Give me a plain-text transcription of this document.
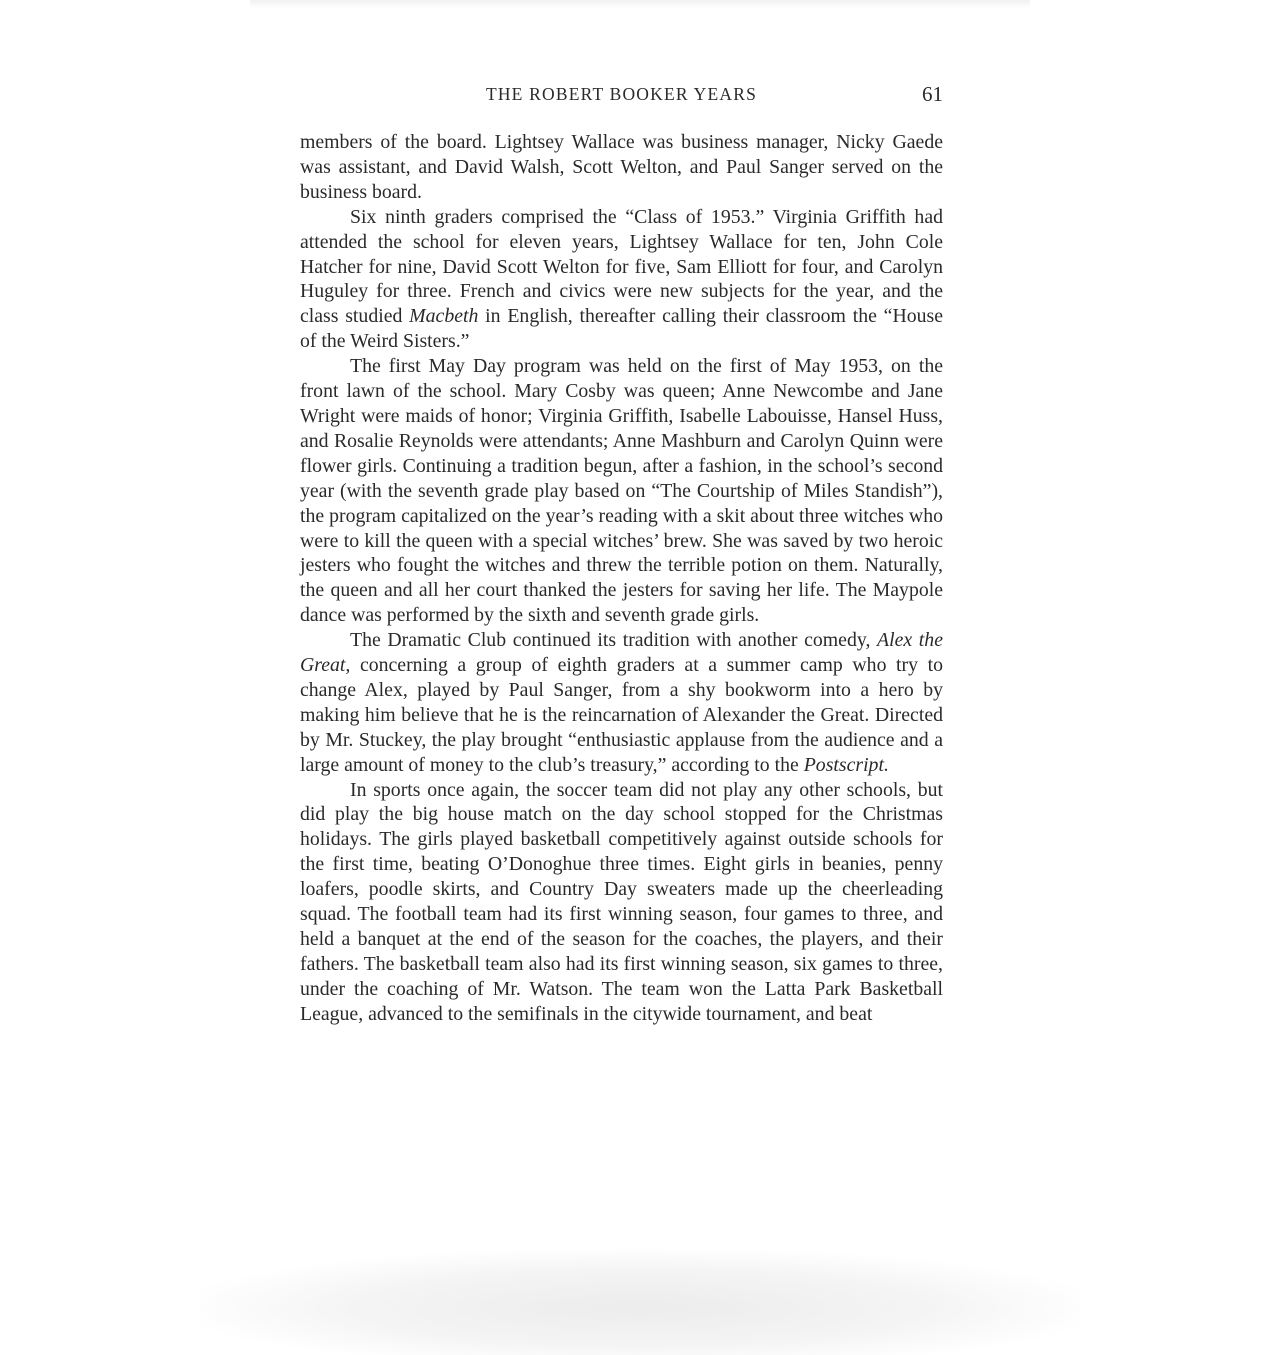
THE ROBERT BOOKER YEARS	61

members of the board. Lightsey Wallace was business manager, Nicky Gaede was assistant, and David Walsh, Scott Welton, and Paul Sanger served on the business board.

Six ninth graders comprised the “Class of 1953.” Virginia Griffith had attended the school for eleven years, Lightsey Wallace for ten, John Cole Hatcher for nine, David Scott Welton for five, Sam Elliott for four, and Carolyn Huguley for three. French and civics were new subjects for the year, and the class studied Macbeth in English, thereafter calling their classroom the “House of the Weird Sisters.”

The first May Day program was held on the first of May 1953, on the front lawn of the school. Mary Cosby was queen; Anne Newcombe and Jane Wright were maids of honor; Virginia Griffith, Isabelle Labouisse, Hansel Huss, and Rosalie Reynolds were attendants; Anne Mashburn and Carolyn Quinn were flower girls. Continuing a tradition begun, after a fashion, in the school’s second year (with the seventh grade play based on “The Courtship of Miles Standish”), the program capitalized on the year’s reading with a skit about three witches who were to kill the queen with a special witches’ brew. She was saved by two heroic jesters who fought the witches and threw the terrible potion on them. Naturally, the queen and all her court thanked the jesters for saving her life. The Maypole dance was performed by the sixth and seventh grade girls.

The Dramatic Club continued its tradition with another comedy, Alex the Great, concerning a group of eighth graders at a summer camp who try to change Alex, played by Paul Sanger, from a shy bookworm into a hero by making him believe that he is the reincarnation of Alexander the Great. Directed by Mr. Stuckey, the play brought “enthusiastic applause from the audience and a large amount of money to the club’s treasury,” according to the Postscript.

In sports once again, the soccer team did not play any other schools, but did play the big house match on the day school stopped for the Christmas holidays. The girls played basketball competitively against outside schools for the first time, beating O’Donoghue three times. Eight girls in beanies, penny loafers, poodle skirts, and Country Day sweaters made up the cheerleading squad. The football team had its first winning season, four games to three, and held a banquet at the end of the season for the coaches, the players, and their fathers. The basketball team also had its first winning season, six games to three, under the coaching of Mr. Watson. The team won the Latta Park Basketball League, advanced to the semifinals in the citywide tournament, and beat
